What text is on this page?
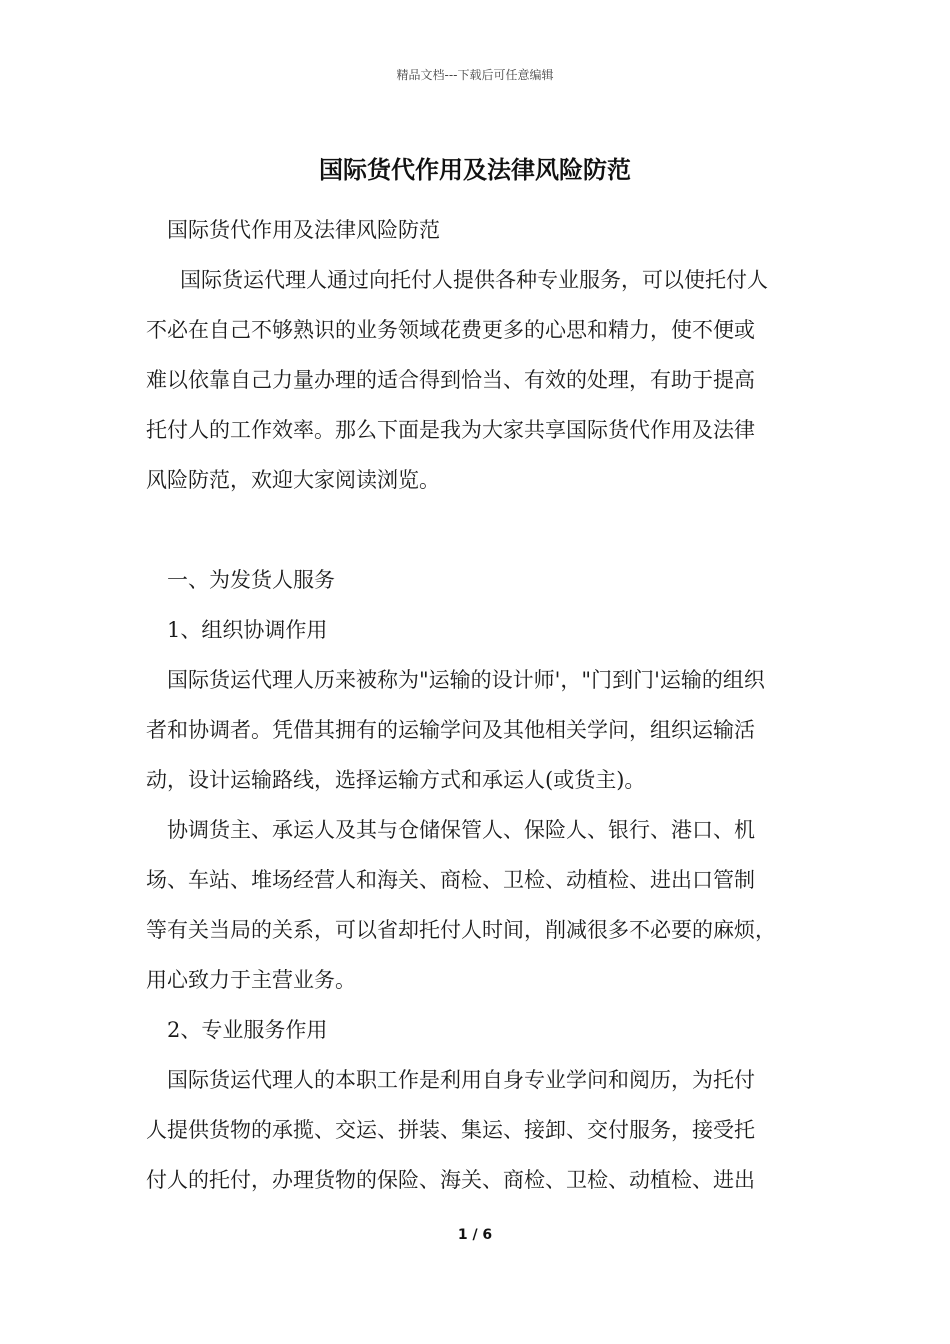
精品文档---下载后可任意编辑
国际货代作用及法律风险防范
国际货代作用及法律风险防范
国际货运代理人通过向托付人提供各种专业服务，可以使托付人
不必在自己不够熟识的业务领域花费更多的心思和精力，使不便或
难以依靠自己力量办理的适合得到恰当、有效的处理，有助于提高
托付人的工作效率。那么下面是我为大家共享国际货代作用及法律
风险防范，欢迎大家阅读浏览。
一、为发货人服务
1、组织协调作用
国际货运代理人历来被称为"运输的设计师'，"门到门'运输的组织
者和协调者。凭借其拥有的运输学问及其他相关学问，组织运输活
动，设计运输路线，选择运输方式和承运人(或货主)。
协调货主、承运人及其与仓储保管人、保险人、银行、港口、机
场、车站、堆场经营人和海关、商检、卫检、动植检、进出口管制
等有关当局的关系，可以省却托付人时间，削减很多不必要的麻烦，
用心致力于主营业务。
2、专业服务作用
国际货运代理人的本职工作是利用自身专业学问和阅历，为托付
人提供货物的承揽、交运、拼装、集运、接卸、交付服务，接受托
付人的托付，办理货物的保险、海关、商检、卫检、动植检、进出
1 / 6
